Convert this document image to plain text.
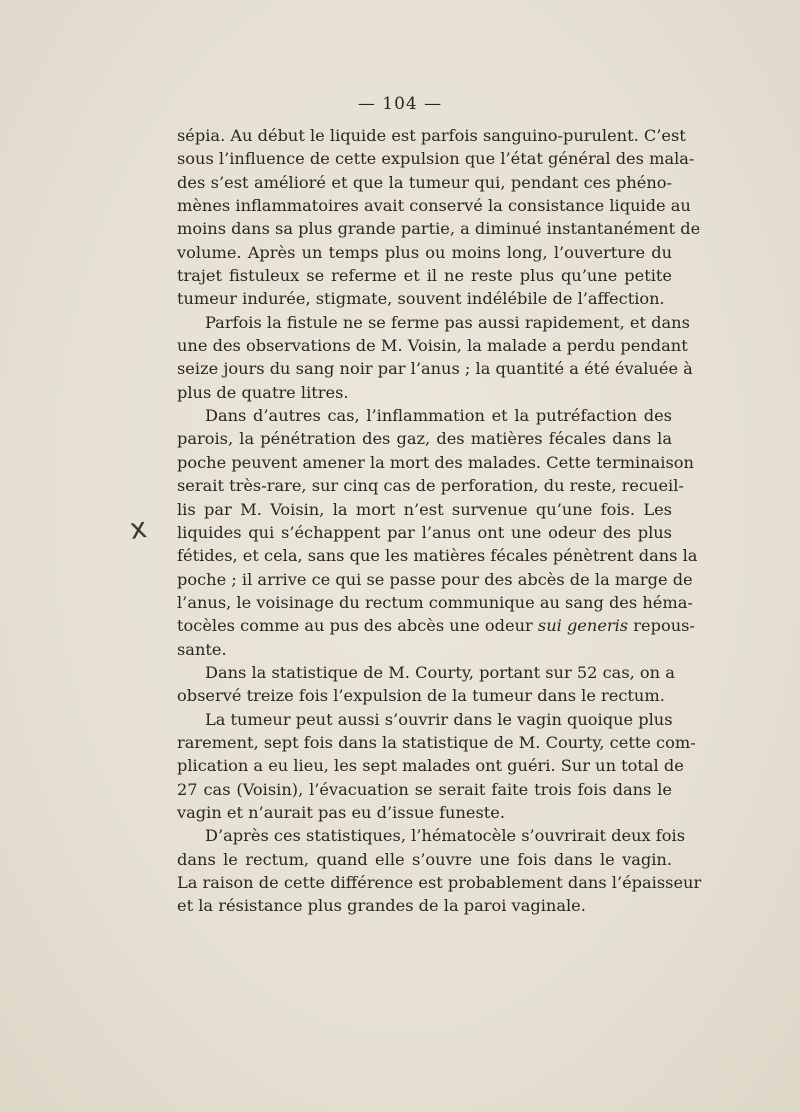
— 104 —
x
sépia. Au début le liquide est parfois sanguino-purulent. C’est
sous l’influence de cette expulsion que l’état général des mala-
des s’est amélioré et que la tumeur qui, pendant ces phéno-
mènes inflammatoires avait conservé la consistance liquide au
moins dans sa plus grande partie, a diminué instantanément de
volume. Après un temps plus ou moins long, l’ouverture du
trajet fistuleux se referme et il ne reste plus qu’une petite
tumeur indurée, stigmate, souvent indélébile de l’affection.
Parfois la fistule ne se ferme pas aussi rapidement, et dans
une des observations de M. Voisin, la malade a perdu pendant
seize jours du sang noir par l’anus ; la quantité a été évaluée à
plus de quatre litres.
Dans d’autres cas, l’inflammation et la putréfaction des
parois, la pénétration des gaz, des matières fécales dans la
poche peuvent amener la mort des malades. Cette terminaison
serait très-rare, sur cinq cas de perforation, du reste, recueil-
lis par M. Voisin, la mort n’est survenue qu’une fois. Les
liquides qui s’échappent par l’anus ont une odeur des plus
fétides, et cela, sans que les matières fécales pénètrent dans la
poche ; il arrive ce qui se passe pour des abcès de la marge de
l’anus, le voisinage du rectum communique au sang des héma-
tocèles comme au pus des abcès une odeur sui generis repous-
sante.
Dans la statistique de M. Courty, portant sur 52 cas, on a
observé treize fois l’expulsion de la tumeur dans le rectum.
La tumeur peut aussi s’ouvrir dans le vagin quoique plus
rarement, sept fois dans la statistique de M. Courty, cette com-
plication a eu lieu, les sept malades ont guéri. Sur un total de
27 cas (Voisin), l’évacuation se serait faite trois fois dans le
vagin et n’aurait pas eu d’issue funeste.
D’après ces statistiques, l’hématocèle s’ouvrirait deux fois
dans le rectum, quand elle s’ouvre une fois dans le vagin.
La raison de cette différence est probablement dans l’épaisseur
et la résistance plus grandes de la paroi vaginale.
